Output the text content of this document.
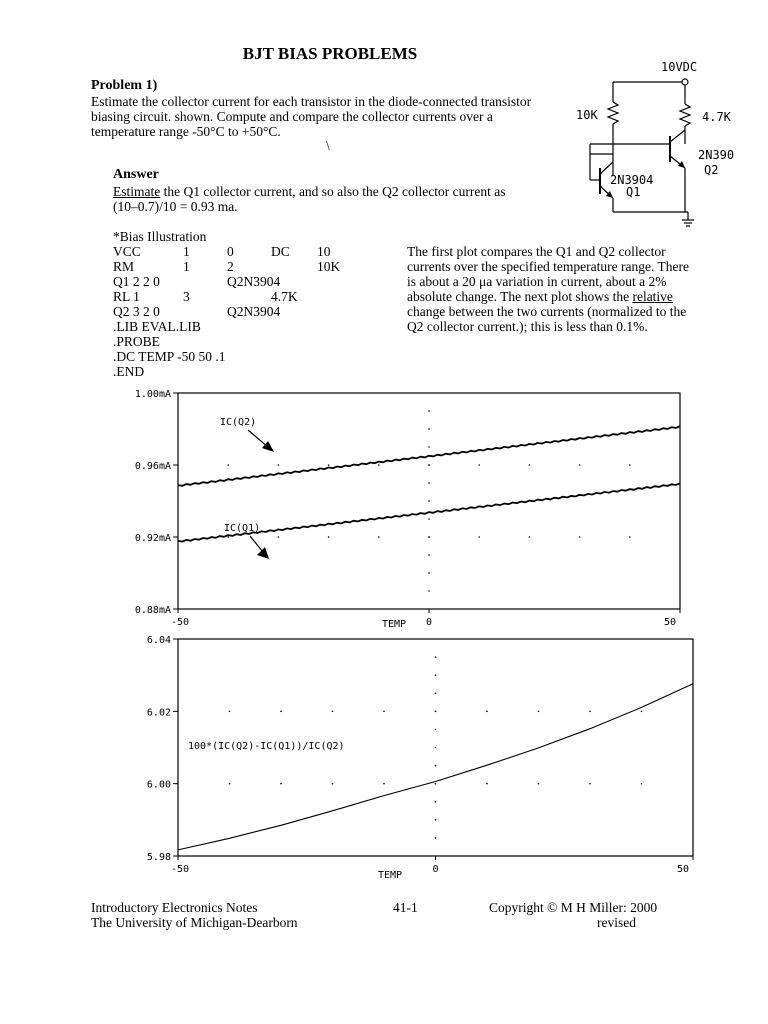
BJT BIAS PROBLEMS
Problem 1)
Estimate the collector current for each transistor in the diode-connected transistor
biasing circuit. shown. Compute and compare the collector currents over a
temperature range -50°C to +50°C.
\
Answer
Estimate the Q1 collector current, and so also the Q2 collector current as
(10–0.7)/10 = 0.93 ma.
*Bias Illustration
VCC	1	0	DC 10
RM	1	2	10K
Q1 2 2 0	Q2N3904
RL 1	3	4.7K
Q2 3 2 0	Q2N3904
.LIB EVAL.LIB
.PROBE
.DC TEMP -50 50 .1
.END
The first plot compares the Q1 and Q2 collector
currents over the specified temperature range. There
is about a 20 μa variation in current, about a 2%
absolute change. The next plot shows the relative
change between the two currents (normalized to the
Q2 collector current.); this is less than 0.1%.
10VDC
10K	4.7K
2N3904
Q1
2N390
Q2
1.00mA
0.96mA
0.92mA
0.88mA
-50	0	50
TEMP
IC(Q2)
IC(Q1)
6.04
6.02
6.00
5.98
-50	0	50
TEMP
100*(IC(Q2)-IC(Q1))/IC(Q2)
Introductory Electronics Notes
The University of Michigan-Dearborn
41-1	Copyright © M H Miller: 2000
revised
